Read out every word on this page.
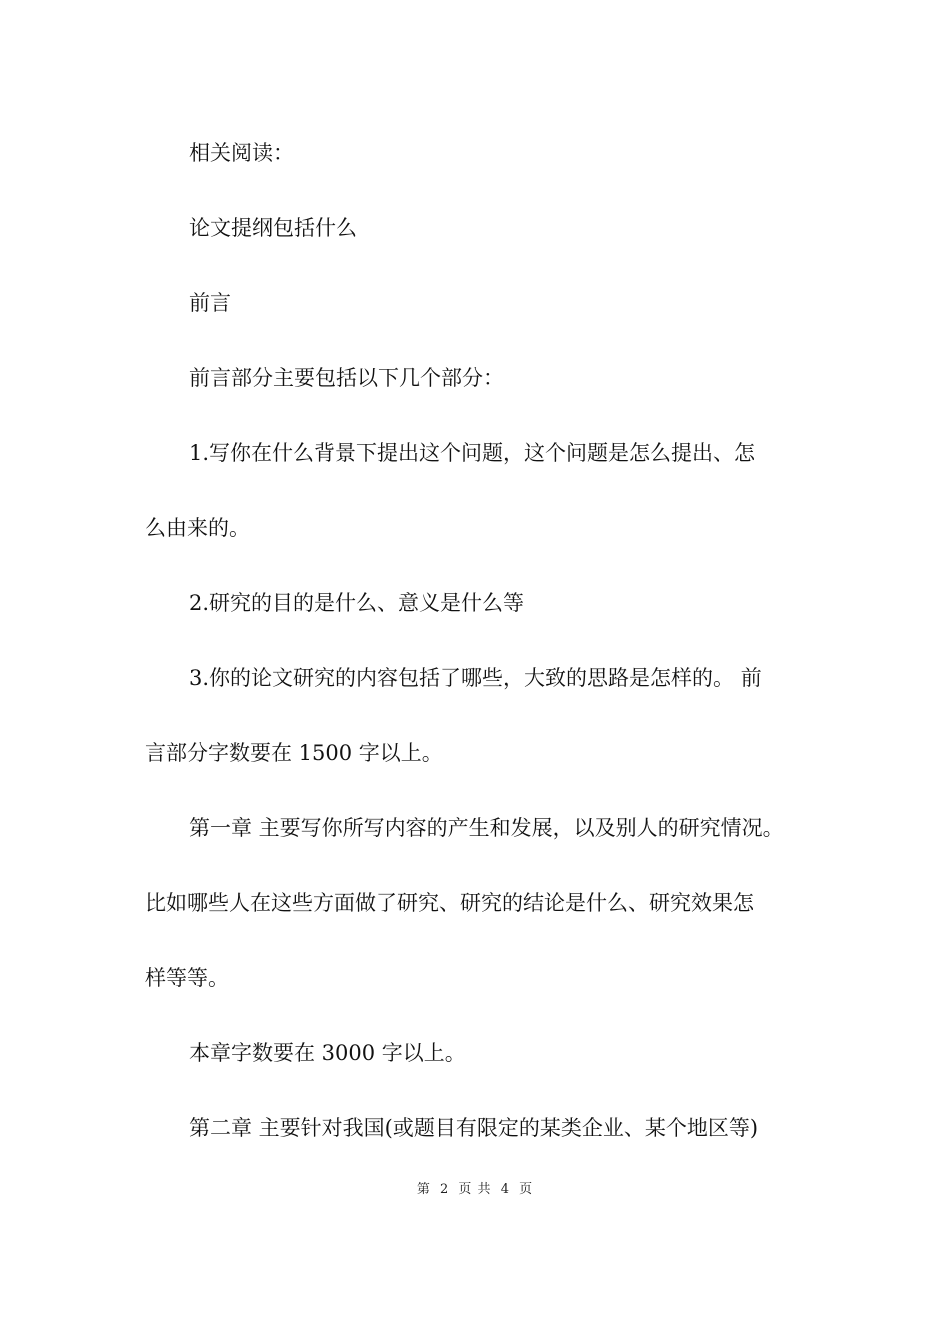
相关阅读：
论文提纲包括什么
前言
前言部分主要包括以下几个部分：
1.写你在什么背景下提出这个问题，这个问题是怎么提出、怎
么由来的。
2.研究的目的是什么、意义是什么等
3.你的论文研究的内容包括了哪些，大致的思路是怎样的。 前
言部分字数要在 1500 字以上。
第一章 主要写你所写内容的产生和发展，以及别人的研究情况。
比如哪些人在这些方面做了研究、研究的结论是什么、研究效果怎
样等等。
本章字数要在 3000 字以上。
第二章 主要针对我国(或题目有限定的某类企业、某个地区等)
第 2 页 共 4 页
